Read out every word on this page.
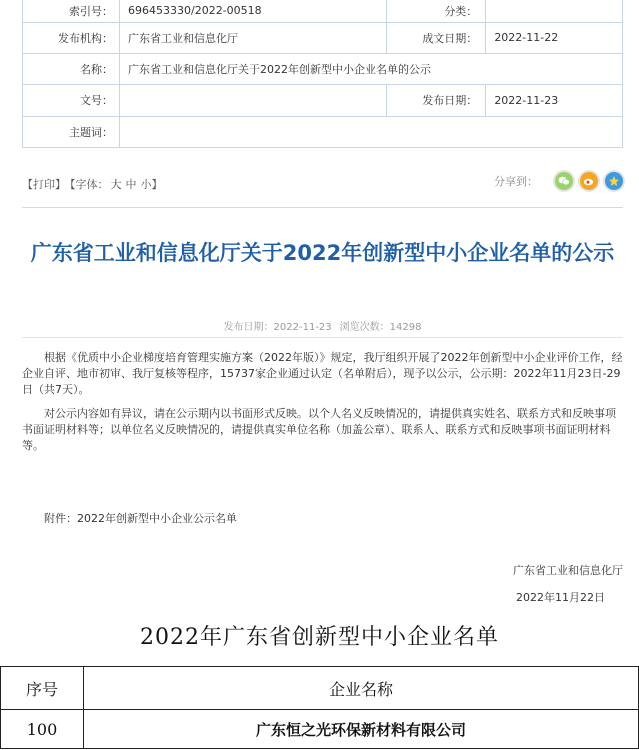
索引号：	696453330/2022-00518	分类：	
发布机构：	广东省工业和信息化厅	成文日期：	2022-11-22
名称：	广东省工业和信息化厅关于2022年创新型中小企业名单的公示		
文号：		发布日期：	2022-11-23
主题词：			
【打印】 【字体： 大 中 小】	分享到：
广东省工业和信息化厅关于2022年创新型中小企业名单的公示
发布日期：2022-11-23 浏览次数：14298

根据《优质中小企业梯度培育管理实施方案（2022年版）》规定，我厅组织开展了2022年创新型中小企业评价工作，经企业自评、地市初审、我厅复核等程序，15737家企业通过认定（名单附后），现予以公示，公示期：2022年11月23日-29日（共7天）。

对公示内容如有异议，请在公示期内以书面形式反映。以个人名义反映情况的，请提供真实姓名、联系方式和反映事项书面证明材料等；以单位名义反映情况的，请提供真实单位名称（加盖公章）、联系人、联系方式和反映事项书面证明材料等。

附件：2022年创新型中小企业公示名单
广东省工业和信息化厅
2022年11月22日
2022年广东省创新型中小企业名单
序号	企业名称
100	广东恒之光环保新材料有限公司
